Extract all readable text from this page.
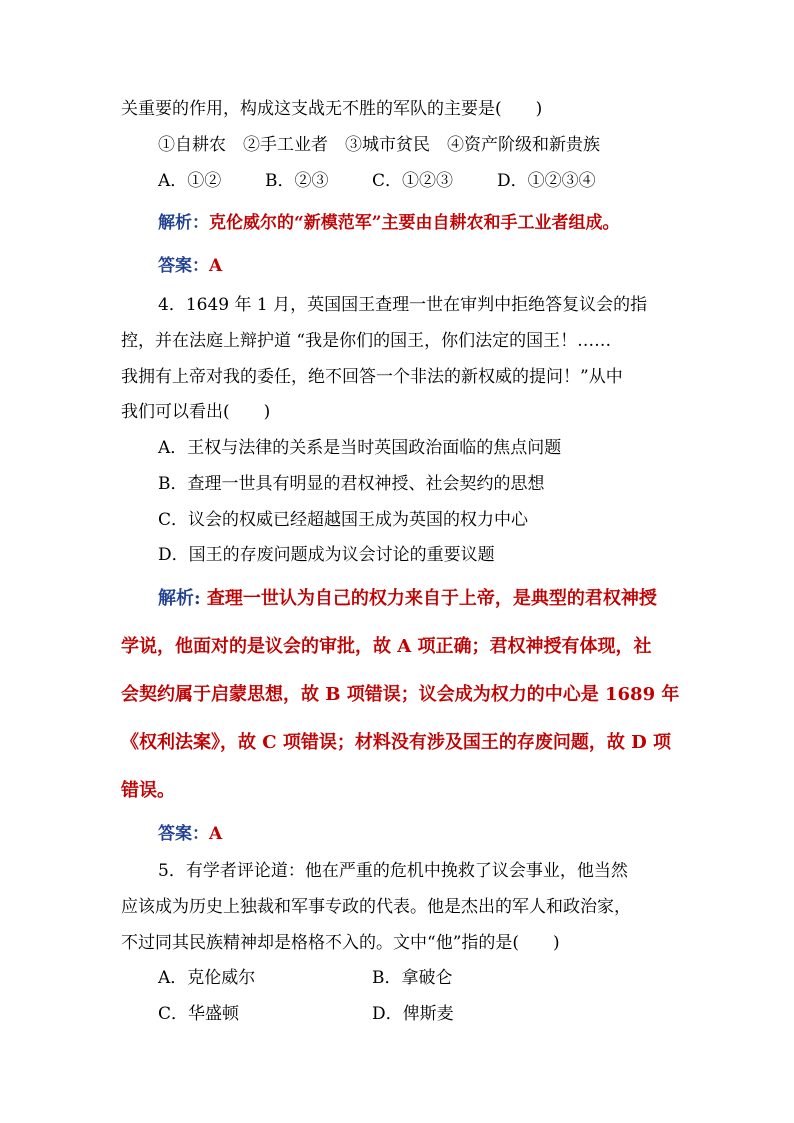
关重要的作用，构成这支战无不胜的军队的主要是(　　)
①自耕农　②手工业者　③城市贫民　④资产阶级和新贵族
A．①②	B．②③	C．①②③	D．①②③④
解析：克伦威尔的“新模范军”主要由自耕农和手工业者组成。
答案：A
4．1649 年 1 月，英国国王查理一世在审判中拒绝答复议会的指
控，并在法庭上辩护道 “我是你们的国王，你们法定的国王！……
我拥有上帝对我的委任，绝不回答一个非法的新权威的提问！”从中
我们可以看出(　　)
A．王权与法律的关系是当时英国政治面临的焦点问题
B．查理一世具有明显的君权神授、社会契约的思想
C．议会的权威已经超越国王成为英国的权力中心
D．国王的存废问题成为议会讨论的重要议题
解析: 查理一世认为自己的权力来自于上帝，是典型的君权神授
学说，他面对的是议会的审批，故 A 项正确；君权神授有体现，社
会契约属于启蒙思想，故 B 项错误；议会成为权力的中心是 1689 年
《权利法案》，故 C 项错误；材料没有涉及国王的存废问题，故 D 项
错误。
答案：A
5．有学者评论道：他在严重的危机中挽救了议会事业，他当然
应该成为历史上独裁和军事专政的代表。他是杰出的军人和政治家，
不过同其民族精神却是格格不入的。文中“他”指的是(　　)
A．克伦威尔	B．拿破仑
C．华盛顿	D．俾斯麦
